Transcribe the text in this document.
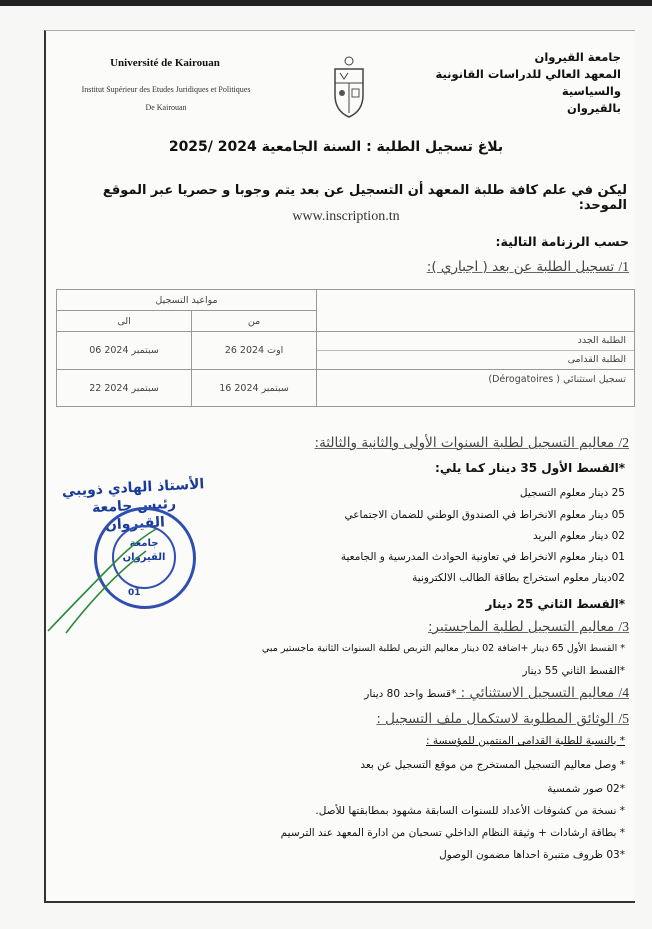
Université de Kairouan
Institut Supérieur des Etudes Juridiques et Politiques
De Kairouan
جامعة القيروان
المعهد العالي للدراسات القانونية والسياسية
بالقيروان
بلاغ تسجيل الطلبة : السنة الجامعية 2024 /2025
ليكن في علم كافة طلبة المعهد أن التسجيل عن بعد يتم وجوبا و حصريا عبر الموقع الموحد:
www.inscription.tn
حسب الرزنامة التالية:
1/ تسجيل الطلبة عن بعد ( اجباري ):
مواعيد التسجيل		
الى	من	
06 سبتمبر 2024	26 اوت 2024	الطلبة الجدد
الطلبة القدامى

22 سبتمبر 2024	16 سبتمبر 2024	تسجيل استثنائي ( Dérogatoires)
2/ معاليم التسجيل لطلبة السنوات الأولى والثانية والثالثة:
*القسط الأول 35 دينار كما يلي:
25 دينار معلوم التسجيل
05 دينار معلوم الانخراط في الصندوق الوطني للضمان الاجتماعي
02 دينار معلوم البريد
01 دينار معلوم الانخراط في تعاونية الحوادث المدرسية و الجامعية
02دينار معلوم استخراج بطاقة الطالب الالكترونية
*القسط الثاني 25 دينار
3/ معاليم التسجيل لطلبة الماجستير:
* القسط الأول 65 دينار +اضافة 02 دينار معاليم التربص لطلبة السنوات الثانية ماجستير مبي
*القسط الثاني 55 دينار
4/ معاليم التسجيل الاستثنائي : *قسط واحد 80 دينار
5/ الوثائق المطلوبة لاستكمال ملف التسجيل :
* بالنسبة للطلبة القدامى المنتمين للمؤسسة :
* وصل معاليم التسجيل المستخرج من موقع التسجيل عن بعد
*02 صور شمسية
* نسخة من كشوفات الأعداد للسنوات السابقة مشهود بمطابقتها للأصل.
* بطاقة ارشادات + وثيقة النظام الداخلي تسحبان من ادارة المعهد عند الترسيم
*03 ظروف متنبرة احداها مضمون الوصول
الأستاذ الهادي ذويبي
رئيس جامعة القيروان
جامعة القيروان
01
